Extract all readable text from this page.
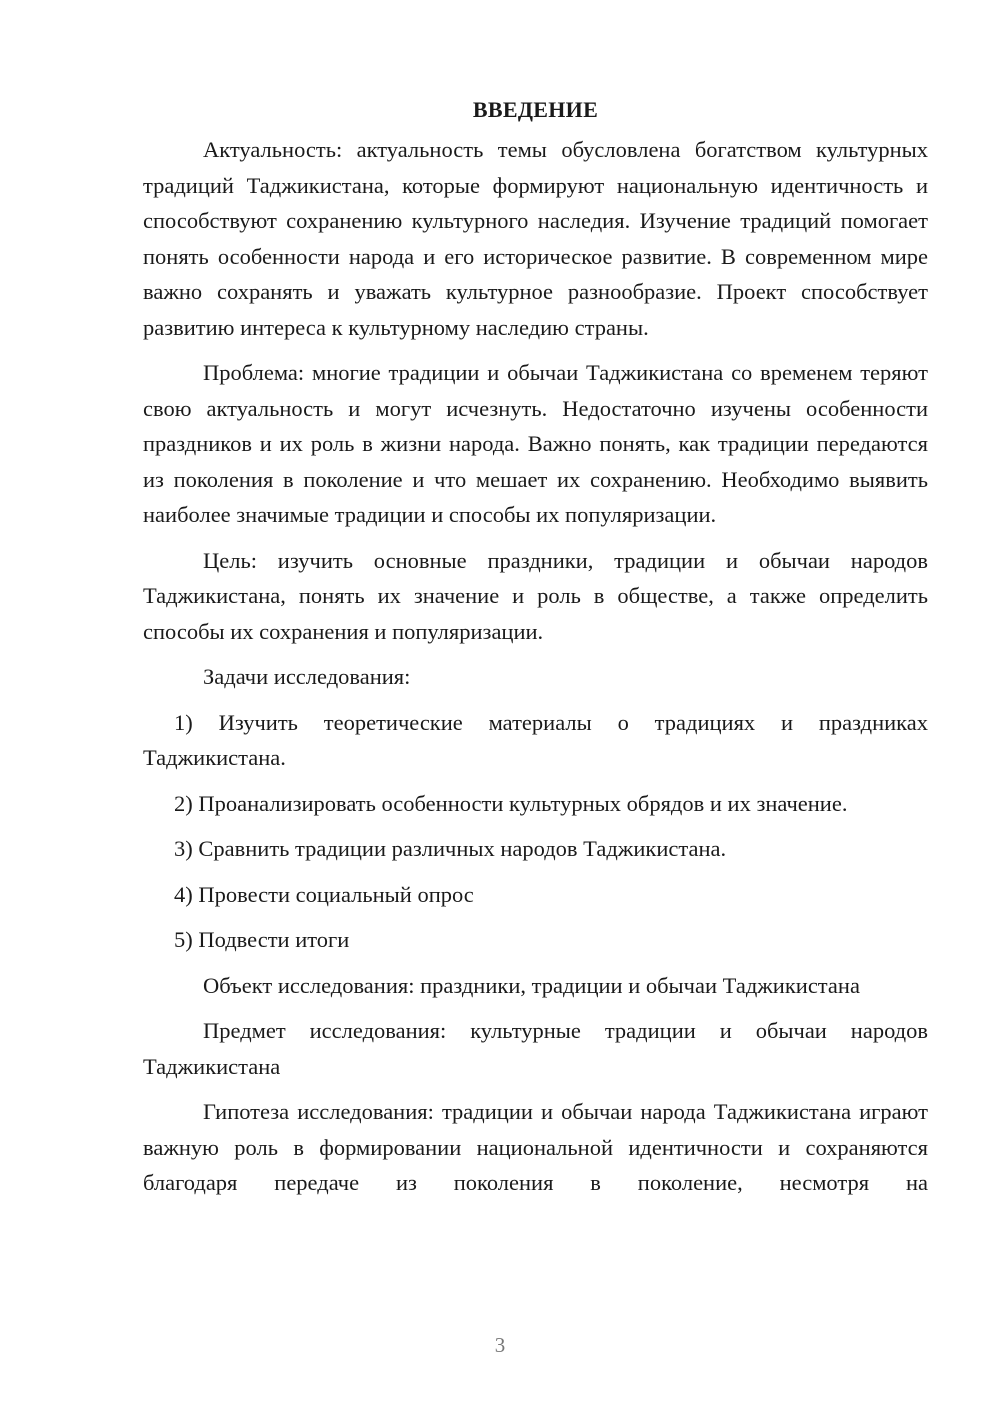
ВВЕДЕНИЕ

Актуальность: актуальность темы обусловлена богатством культурных традиций Таджикистана, которые формируют национальную идентичность и способствуют сохранению культурного наследия. Изучение традиций помогает понять особенности народа и его историческое развитие. В современном мире важно сохранять и уважать культурное разнообразие. Проект способствует развитию интереса к культурному наследию страны.

Проблема: многие традиции и обычаи Таджикистана со временем теряют свою актуальность и могут исчезнуть. Недостаточно изучены особенности праздников и их роль в жизни народа. Важно понять, как традиции передаются из поколения в поколение и что мешает их сохранению. Необходимо выявить наиболее значимые традиции и способы их популяризации.

Цель: изучить основные праздники, традиции и обычаи народов Таджикистана, понять их значение и роль в обществе, а также определить способы их сохранения и популяризации.

Задачи исследования:

1) Изучить теоретические материалы о традициях и праздниках Таджикистана.

2) Проанализировать особенности культурных обрядов и их значение.

3) Сравнить традиции различных народов Таджикистана.

4) Провести социальный опрос

5) Подвести итоги

Объект исследования: праздники, традиции и обычаи Таджикистана

Предмет исследования: культурные традиции и обычаи народов Таджикистана

Гипотеза исследования: традиции и обычаи народа Таджикистана играют важную роль в формировании национальной идентичности и сохраняются благодаря передаче из поколения в поколение, несмотря на

3
